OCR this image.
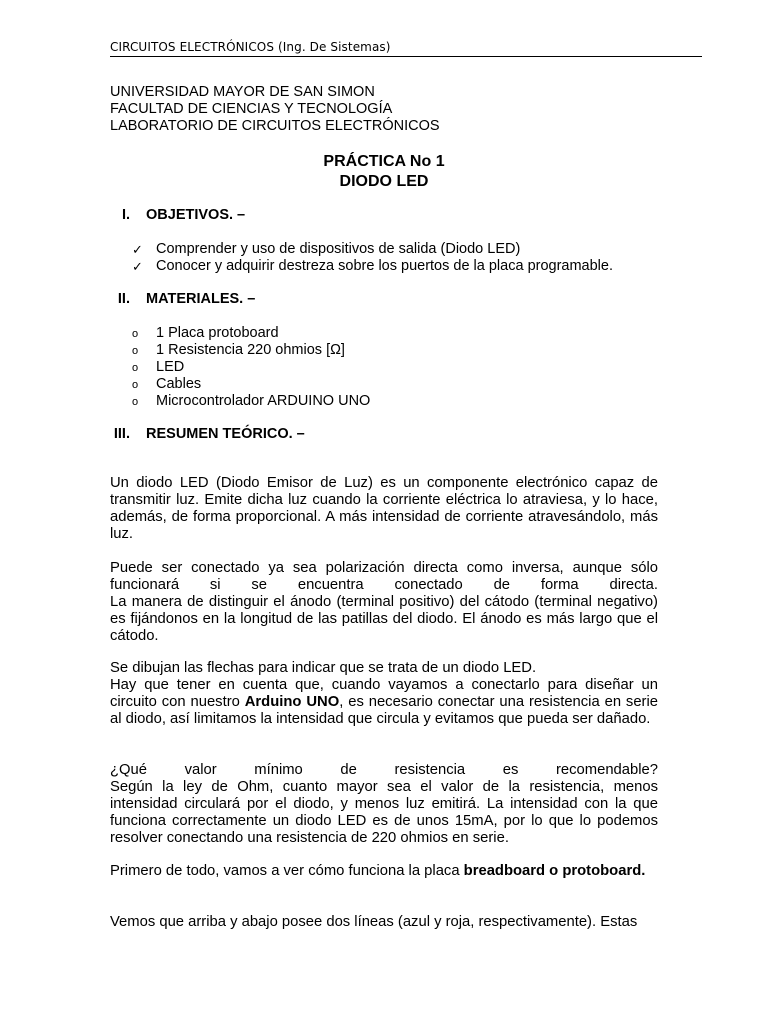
CIRCUITOS ELECTRÓNICOS (Ing. De Sistemas)
UNIVERSIDAD MAYOR DE SAN SIMON
FACULTAD DE CIENCIAS Y TECNOLOGÍA
LABORATORIO DE CIRCUITOS ELECTRÓNICOS
PRÁCTICA No 1
DIODO LED
I. OBJETIVOS. –
✓ Comprender y uso de dispositivos de salida (Diodo LED)
✓ Conocer y adquirir destreza sobre los puertos de la placa programable.
II. MATERIALES. –
o 1 Placa protoboard
o 1 Resistencia 220 ohmios [Ω]
o LED
o Cables
o Microcontrolador ARDUINO UNO
III. RESUMEN TEÓRICO. –

Un diodo LED (Diodo Emisor de Luz) es un componente electrónico capaz de transmitir luz. Emite dicha luz cuando la corriente eléctrica lo atraviesa, y lo hace, además, de forma proporcional. A más intensidad de corriente atravesándolo, más luz.

Puede ser conectado ya sea polarización directa como inversa, aunque sólo funcionará si se encuentra conectado de forma directa.

La manera de distinguir el ánodo (terminal positivo) del cátodo (terminal negativo) es fijándonos en la longitud de las patillas del diodo. El ánodo es más largo que el cátodo.

Se dibujan las flechas para indicar que se trata de un diodo LED.

Hay que tener en cuenta que, cuando vayamos a conectarlo para diseñar un circuito con nuestro Arduino UNO, es necesario conectar una resistencia en serie al diodo, así limitamos la intensidad que circula y evitamos que pueda ser dañado.

¿Qué valor mínimo de resistencia es recomendable?

Según la ley de Ohm, cuanto mayor sea el valor de la resistencia, menos intensidad circulará por el diodo, y menos luz emitirá. La intensidad con la que funciona correctamente un diodo LED es de unos 15mA, por lo que lo podemos resolver conectando una resistencia de 220 ohmios en serie.

Primero de todo, vamos a ver cómo funciona la placa breadboard o protoboard.

Vemos que arriba y abajo posee dos líneas (azul y roja, respectivamente). Estas
